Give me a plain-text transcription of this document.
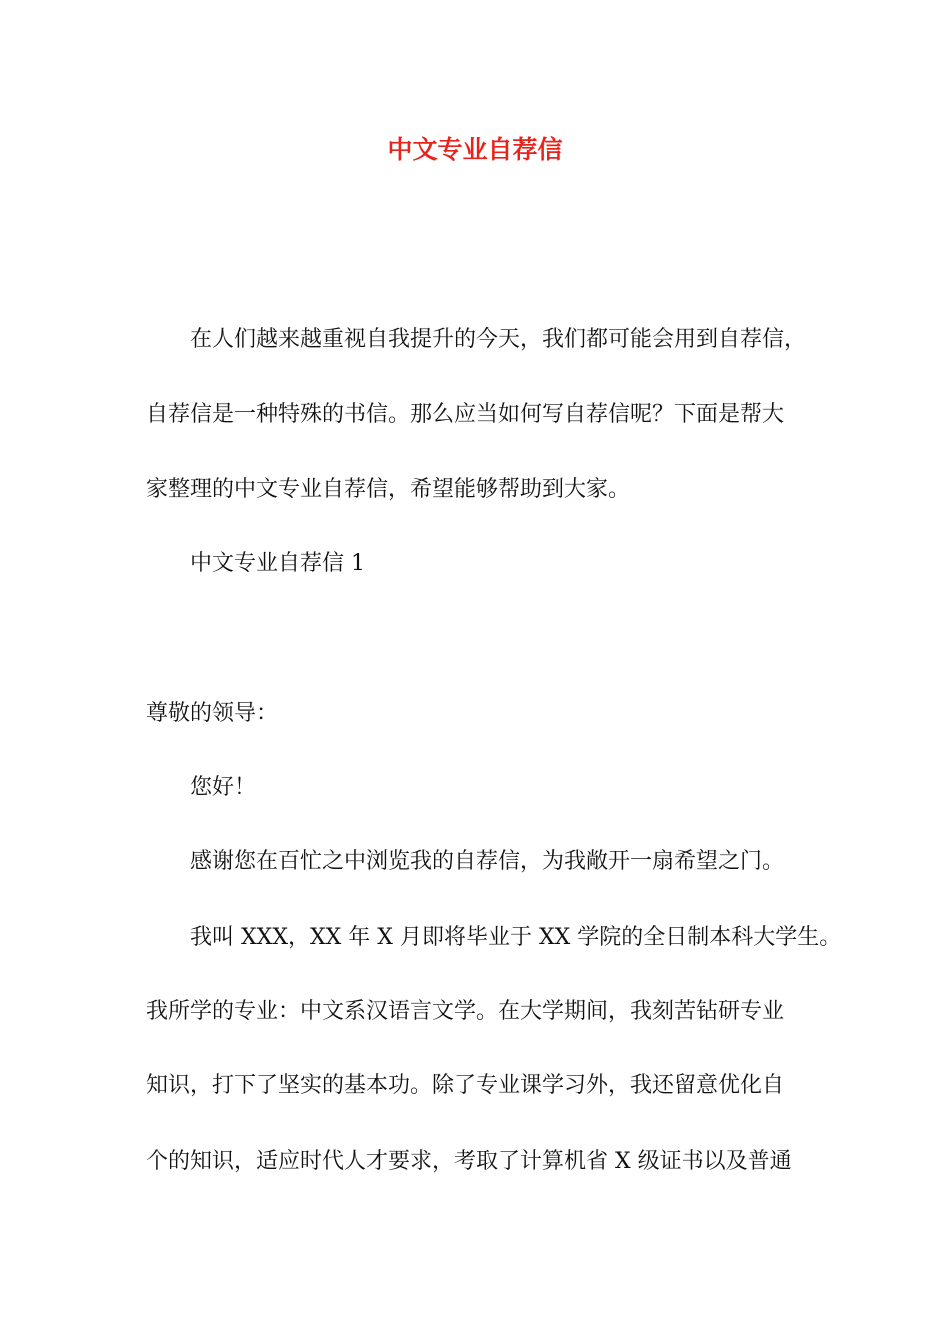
中文专业自荐信

在人们越来越重视自我提升的今天，我们都可能会用到自荐信，

自荐信是一种特殊的书信。那么应当如何写自荐信呢？下面是帮大

家整理的中文专业自荐信，希望能够帮助到大家。

中文专业自荐信 1

尊敬的领导：

您好！

感谢您在百忙之中浏览我的自荐信，为我敞开一扇希望之门。

我叫 XXX，XX 年 X 月即将毕业于 XX 学院的全日制本科大学生。

我所学的专业：中文系汉语言文学。在大学期间，我刻苦钻研专业

知识，打下了坚实的基本功。除了专业课学习外，我还留意优化自

个的知识，适应时代人才要求，考取了计算机省 X 级证书以及普通
